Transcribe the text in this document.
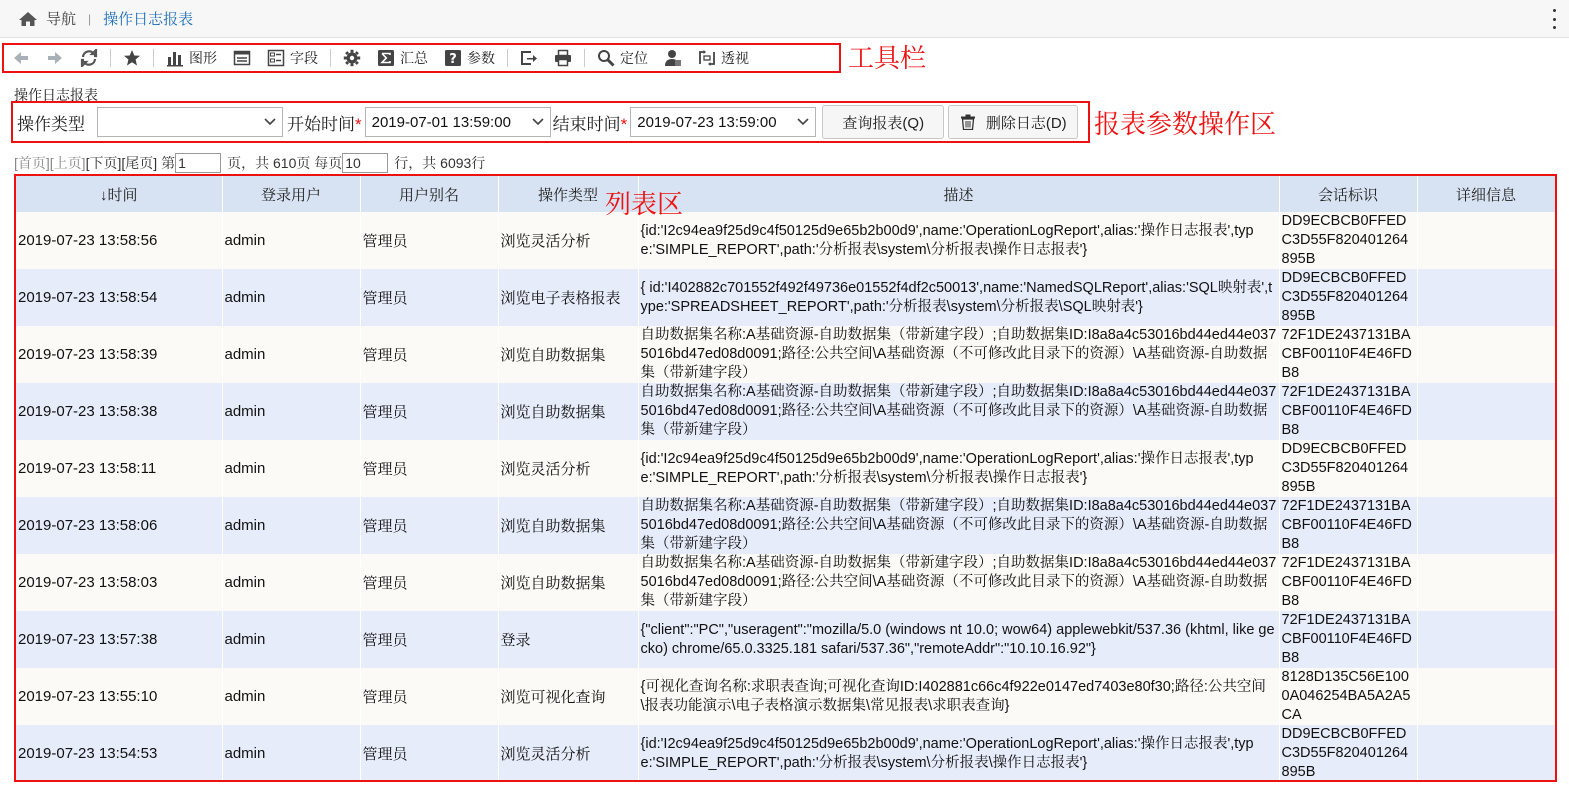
导航 | 操作日志报表
图形	字段	汇总 ? 参数	定位	透视	工具栏
操作日志报表
操作类型	开始时间* 2019-07-01 13:59:00 结束时间* 2019-07-23 13:59:00	查询报表(Q)	删除日志(D) 报表参数操作区
[首页] [上页] [下页] [尾页] 第 1	页，共 610页 每页 10 行，共 6093行
↓时间	登录用户	用户别名	操作类型	描述	会话标识	详细信息
2019-07-23 13:58:56	admin	管理员	浏览灵活分析	{id:'I2c94ea9f25d9c4f50125d9e65b2b00d9',name:'OperationLogReport',alias:'操作日志报表',type:'SIMPLE_REPORT',path:'分析报表\system\分析报表\操作日志报表'}	DD9ECBCB0FFEDC3D55F820401264895B	
2019-07-23 13:58:54	admin	管理员	浏览电子表格报表	{ id:'I402882c701552f492f49736e01552f4df2c50013',name:'NamedSQLReport',alias:'SQL映射表',type:'SPREADSHEET_REPORT',path:'分析报表\system\分析报表\SQL映射表'}	DD9ECBCB0FFEDC3D55F820401264895B	
2019-07-23 13:58:39	admin	管理员	浏览自助数据集	自助数据集名称:A基础资源-自助数据集（带新建字段）;自助数据集ID:I8a8a4c53016bd44ed44e0375016bd47ed08d0091;路径:公共空间\A基础资源（不可修改此目录下的资源）\A基础资源-自助数据集（带新建字段）	72F1DE2437131BACBF00110F4E46FDB8	
2019-07-23 13:58:38	admin	管理员	浏览自助数据集	自助数据集名称:A基础资源-自助数据集（带新建字段）;自助数据集ID:I8a8a4c53016bd44ed44e0375016bd47ed08d0091;路径:公共空间\A基础资源（不可修改此目录下的资源）\A基础资源-自助数据集（带新建字段）	72F1DE2437131BACBF00110F4E46FDB8	
2019-07-23 13:58:11	admin	管理员	浏览灵活分析	{id:'I2c94ea9f25d9c4f50125d9e65b2b00d9',name:'OperationLogReport',alias:'操作日志报表',type:'SIMPLE_REPORT',path:'分析报表\system\分析报表\操作日志报表'}	DD9ECBCB0FFEDC3D55F820401264895B	
2019-07-23 13:58:06	admin	管理员	浏览自助数据集	自助数据集名称:A基础资源-自助数据集（带新建字段）;自助数据集ID:I8a8a4c53016bd44ed44e0375016bd47ed08d0091;路径:公共空间\A基础资源（不可修改此目录下的资源）\A基础资源-自助数据集（带新建字段）	72F1DE2437131BACBF00110F4E46FDB8	
2019-07-23 13:58:03	admin	管理员	浏览自助数据集	自助数据集名称:A基础资源-自助数据集（带新建字段）;自助数据集ID:I8a8a4c53016bd44ed44e0375016bd47ed08d0091;路径:公共空间\A基础资源（不可修改此目录下的资源）\A基础资源-自助数据集（带新建字段）	72F1DE2437131BACBF00110F4E46FDB8	
2019-07-23 13:57:38	admin	管理员	登录	{"client":"PC","useragent":"mozilla/5.0 (windows nt 10.0; wow64) applewebkit/537.36 (khtml, like gecko) chrome/65.0.3325.181 safari/537.36","remoteAddr":"10.10.16.92"}	72F1DE2437131BACBF00110F4E46FDB8	
2019-07-23 13:55:10	admin	管理员	浏览可视化查询	{可视化查询名称:求职表查询;可视化查询ID:I402881c66c4f922e0147ed7403e80f30;路径:公共空间\报表功能演示\电子表格演示数据集\常见报表\求职表查询}	8128D135C56E1000A046254BA5A2A5CA	
2019-07-23 13:54:53	admin	管理员	浏览灵活分析	{id:'I2c94ea9f25d9c4f50125d9e65b2b00d9',name:'OperationLogReport',alias:'操作日志报表',type:'SIMPLE_REPORT',path:'分析报表\system\分析报表\操作日志报表'}	DD9ECBCB0FFEDC3D55F820401264895B	
列表区
